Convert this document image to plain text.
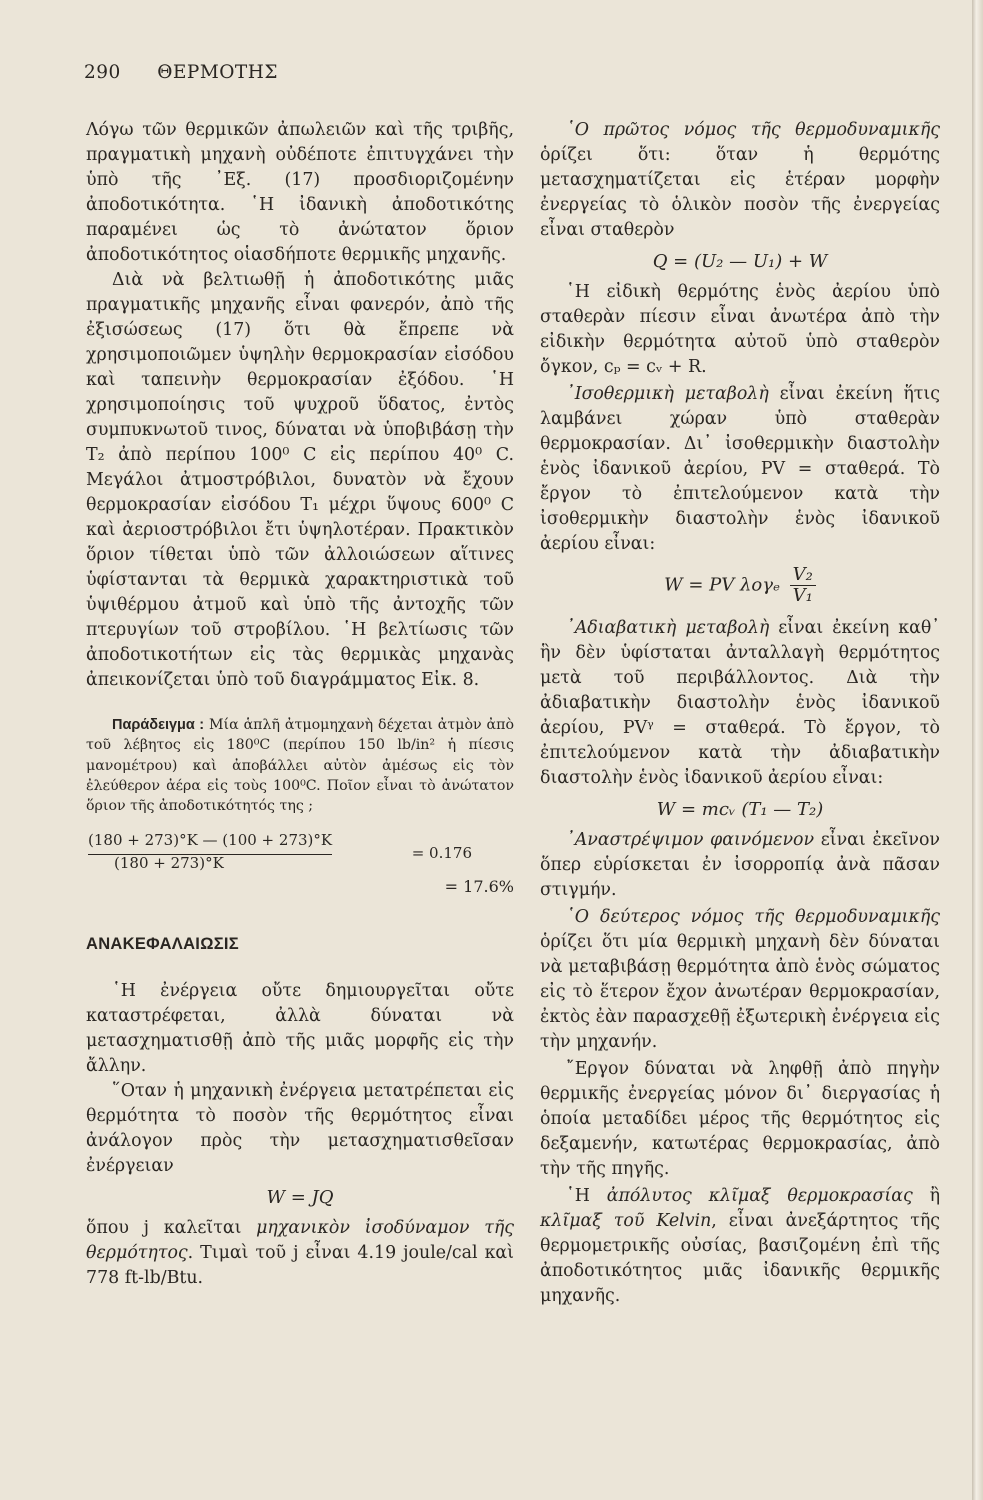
290 ΘΕΡΜΟΤΗΣ

Λόγω τῶν θερμικῶν ἀπωλειῶν καὶ τῆς τριβῆς, πραγματικὴ μηχανὴ οὐδέποτε ἐπιτυγχάνει τὴν ὑπὸ τῆς ᾿Εξ. (17) προσδιοριζομένην ἀποδοτικότητα. ῾Η ἰδανικὴ ἀποδοτικότης παραμένει ὡς τὸ ἀνώτατον ὅριον ἀποδοτικότητος οἱασδήποτε θερμικῆς μηχανῆς.

Διὰ νὰ βελτιωθῇ ἡ ἀποδοτικότης μιᾶς πραγματικῆς μηχανῆς εἶναι φανερόν, ἀπὸ τῆς ἐξισώσεως (17) ὅτι θὰ ἔπρεπε νὰ χρησιμοποιῶμεν ὑψηλὴν θερμοκρασίαν εἰσόδου καὶ ταπεινὴν θερμοκρασίαν ἐξόδου. ῾Η χρησιμοποίησις τοῦ ψυχροῦ ὕδατος, ἐντὸς συμπυκνωτοῦ τινος, δύναται νὰ ὑποβιβάσῃ τὴν T₂ ἀπὸ περίπου 100⁰ C εἰς περίπου 40⁰ C. Μεγάλοι ἀτμοστρόβιλοι, δυνατὸν νὰ ἔχουν θερμοκρασίαν εἰσόδου T₁ μέχρι ὕψους 600⁰ C καὶ ἀεριοστρόβιλοι ἔτι ὑψηλοτέραν. Πρακτικὸν ὅριον τίθεται ὑπὸ τῶν ἀλλοιώσεων αἵτινες ὑφίστανται τὰ θερμικὰ χαρακτηριστικὰ τοῦ ὑψιθέρμου ἀτμοῦ καὶ ὑπὸ τῆς ἀντοχῆς τῶν πτερυγίων τοῦ στροβίλου. ῾Η βελτίωσις τῶν ἀποδοτικοτήτων εἰς τὰς θερμικὰς μηχανὰς ἀπεικονίζεται ὑπὸ τοῦ διαγράμματος Εἰκ. 8.

Παράδειγμα : Μία ἁπλῆ ἀτμομηχανὴ δέχεται ἀτμὸν ἀπὸ τοῦ λέβητος εἰς 180⁰C (περίπου 150 lb/in² ἡ πίεσις μανομέτρου) καὶ ἀποβάλλει αὐτὸν ἀμέσως εἰς τὸν ἐλεύθερον ἀέρα εἰς τοὺς 100⁰C. Ποῖον εἶναι τὸ ἀνώτατον ὅριον τῆς ἀποδοτικότητός της ;

(180 + 273)°K — (100 + 273)°K
(180 + 273)°K
= 0.176
= 17.6%
ΑΝΑΚΕΦΑΛΑΙΩΣΙΣ

῾Η ἐνέργεια οὔτε δημιουργεῖται οὔτε καταστρέφεται, ἀλλὰ δύναται νὰ μετασχηματισθῇ ἀπὸ τῆς μιᾶς μορφῆς εἰς τὴν ἄλλην.

῞Οταν ἡ μηχανικὴ ἐνέργεια μετατρέπεται εἰς θερμότητα τὸ ποσὸν τῆς θερμότητος εἶναι ἀνάλογον πρὸς τὴν μετασχηματισθεῖσαν ἐνέργειαν

W = JQ

ὅπου j καλεῖται μηχανικὸν ἰσοδύναμον τῆς θερμότητος. Τιμαὶ τοῦ j εἶναι 4.19 joule/cal καὶ 778 ft-lb/Btu.

῾Ο πρῶτος νόμος τῆς θερμοδυναμικῆς ὁρίζει ὅτι: ὅταν ἡ θερμότης μετασχηματίζεται εἰς ἑτέραν μορφὴν ἐνεργείας τὸ ὁλικὸν ποσὸν τῆς ἐνεργείας εἶναι σταθερὸν

Q = (U₂ — U₁) + W

῾Η εἰδικὴ θερμότης ἑνὸς ἀερίου ὑπὸ σταθερὰν πίεσιν εἶναι ἀνωτέρα ἀπὸ τὴν εἰδικὴν θερμότητα αὐτοῦ ὑπὸ σταθερὸν ὄγκον, cₚ = cᵥ + R.

᾿Ισοθερμικὴ μεταβολὴ εἶναι ἐκείνη ἥτις λαμβάνει χώραν ὑπὸ σταθερὰν θερμοκρασίαν. Δι᾿ ἰσοθερμικὴν διαστολὴν ἑνὸς ἰδανικοῦ ἀερίου, PV = σταθερά. Τὸ ἔργον τὸ ἐπιτελούμενον κατὰ τὴν ἰσοθερμικὴν διαστολὴν ἑνὸς ἰδανικοῦ ἀερίου εἶναι:

W = PV λογₑ $\frac{\text{V₂}}{\text{V₁}}$

᾿Αδιαβατικὴ μεταβολὴ εἶναι ἐκείνη καθ᾿ ἣν δὲν ὑφίσταται ἀνταλλαγὴ θερμότητος μετὰ τοῦ περιβάλλοντος. Διὰ τὴν ἀδιαβατικὴν διαστολὴν ἑνὸς ἰδανικοῦ ἀερίου, PVᵞ = σταθερά. Τὸ ἔργον, τὸ ἐπιτελούμενον κατὰ τὴν ἀδιαβατικὴν διαστολὴν ἑνὸς ἰδανικοῦ ἀερίου εἶναι:

W = mcᵥ (T₁ — T₂)

᾿Αναστρέψιμον φαινόμενον εἶναι ἐκεῖνον ὅπερ εὑρίσκεται ἐν ἰσορροπίᾳ ἀνὰ πᾶσαν στιγμήν.

῾Ο δεύτερος νόμος τῆς θερμοδυναμικῆς ὁρίζει ὅτι μία θερμικὴ μηχανὴ δὲν δύναται νὰ μεταβιβάσῃ θερμότητα ἀπὸ ἑνὸς σώματος εἰς τὸ ἕτερον ἔχον ἀνωτέραν θερμοκρασίαν, ἐκτὸς ἐὰν παρασχεθῇ ἐξωτερικὴ ἐνέργεια εἰς τὴν μηχανήν.

῎Εργον δύναται νὰ ληφθῇ ἀπὸ πηγὴν θερμικῆς ἐνεργείας μόνον δι᾿ διεργασίας ἡ ὁποία μεταδίδει μέρος τῆς θερμότητος εἰς δεξαμενήν, κατωτέρας θερμοκρασίας, ἀπὸ τὴν τῆς πηγῆς.

῾Η ἀπόλυτος κλῖμαξ θερμοκρασίας ἢ κλῖμαξ τοῦ Kelvin, εἶναι ἀνεξάρτητος τῆς θερμομετρικῆς οὐσίας, βασιζομένη ἐπὶ τῆς ἀποδοτικότητος μιᾶς ἰδανικῆς θερμικῆς μηχανῆς.
